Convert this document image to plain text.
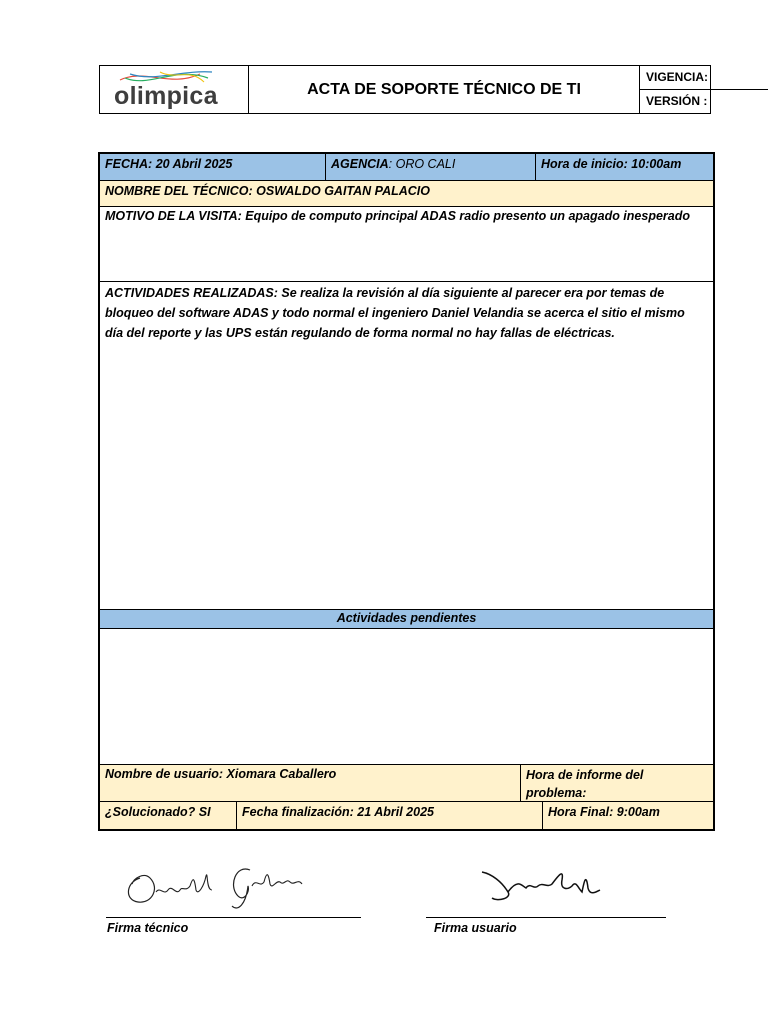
olimpica	ACTA DE SOPORTE TÉCNICO DE TI
VIGENCIA:
VERSIÓN :
FECHA: 20 Abril 2025	AGENCIA: ORO CALI	Hora de inicio: 10:00am
NOMBRE DEL TÉCNICO: OSWALDO GAITAN PALACIO
MOTIVO DE LA VISITA: Equipo de computo principal ADAS radio presento un apagado inesperado
ACTIVIDADES REALIZADAS: Se realiza la revisión al día siguiente al parecer era por temas de
bloqueo del software ADAS y todo normal el ingeniero Daniel Velandia se acerca el sitio el mismo
día del reporte y las UPS están regulando de forma normal no hay fallas de eléctricas.
Actividades pendientes
Nombre de usuario: Xiomara Caballero	Hora de informe del
problema:
¿Solucionado? SI	Fecha finalización: 21 Abril 2025	Hora Final: 9:00am
Firma técnico	Firma usuario
